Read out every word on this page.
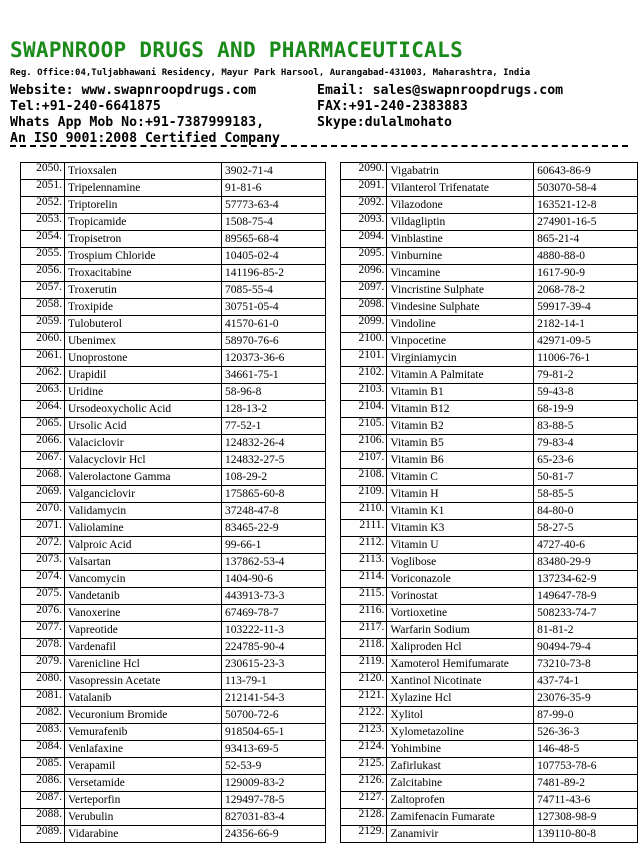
SWAPNROOP DRUGS AND PHARMACEUTICALS
Reg. Office:04,Tuljabhawani Residency, Mayur Park Harsool, Aurangabad-431003, Maharashtra, India
Website: www.swapnroopdrugs.com	Email: sales@swapnroopdrugs.com
Tel:+91-240-6641875	FAX:+91-240-2383883
Whats App Mob No:+91-7387999183,	Skype:dulalmohato
An ISO 9001:2008 Certified Company
2050.	Trioxsalen	3902-71-4
2051.	Tripelennamine	91-81-6
2052.	Triptorelin	57773-63-4
2053.	Tropicamide	1508-75-4
2054.	Tropisetron	89565-68-4
2055.	Trospium Chloride	10405-02-4
2056.	Troxacitabine	141196-85-2
2057.	Troxerutin	7085-55-4
2058.	Troxipide	30751-05-4
2059.	Tulobuterol	41570-61-0
2060.	Ubenimex	58970-76-6
2061.	Unoprostone	120373-36-6
2062.	Urapidil	34661-75-1
2063.	Uridine	58-96-8
2064.	Ursodeoxycholic Acid	128-13-2
2065.	Ursolic Acid	77-52-1
2066.	Valaciclovir	124832-26-4
2067.	Valacyclovir Hcl	124832-27-5
2068.	Valerolactone Gamma	108-29-2
2069.	Valganciclovir	175865-60-8
2070.	Validamycin	37248-47-8
2071.	Valiolamine	83465-22-9
2072.	Valproic Acid	99-66-1
2073.	Valsartan	137862-53-4
2074.	Vancomycin	1404-90-6
2075.	Vandetanib	443913-73-3
2076.	Vanoxerine	67469-78-7
2077.	Vapreotide	103222-11-3
2078.	Vardenafil	224785-90-4
2079.	Varenicline Hcl	230615-23-3
2080.	Vasopressin Acetate	113-79-1
2081.	Vatalanib	212141-54-3
2082.	Vecuronium Bromide	50700-72-6
2083.	Vemurafenib	918504-65-1
2084.	Venlafaxine	93413-69-5
2085.	Verapamil	52-53-9
2086.	Versetamide	129009-83-2
2087.	Verteporfin	129497-78-5
2088.	Verubulin	827031-83-4
2089.	Vidarabine	24356-66-9
2090.	Vigabatrin	60643-86-9
2091.	Vilanterol Trifenatate	503070-58-4
2092.	Vilazodone	163521-12-8
2093.	Vildagliptin	274901-16-5
2094.	Vinblastine	865-21-4
2095.	Vinburnine	4880-88-0
2096.	Vincamine	1617-90-9
2097.	Vincristine Sulphate	2068-78-2
2098.	Vindesine Sulphate	59917-39-4
2099.	Vindoline	2182-14-1
2100.	Vinpocetine	42971-09-5
2101.	Virginiamycin	11006-76-1
2102.	Vitamin A Palmitate	79-81-2
2103.	Vitamin B1	59-43-8
2104.	Vitamin B12	68-19-9
2105.	Vitamin B2	83-88-5
2106.	Vitamin B5	79-83-4
2107.	Vitamin B6	65-23-6
2108.	Vitamin C	50-81-7
2109.	Vitamin H	58-85-5
2110.	Vitamin K1	84-80-0
2111.	Vitamin K3	58-27-5
2112.	Vitamin U	4727-40-6
2113.	Voglibose	83480-29-9
2114.	Voriconazole	137234-62-9
2115.	Vorinostat	149647-78-9
2116.	Vortioxetine	508233-74-7
2117.	Warfarin Sodium	81-81-2
2118.	Xaliproden Hcl	90494-79-4
2119.	Xamoterol Hemifumarate	73210-73-8
2120.	Xantinol Nicotinate	437-74-1
2121.	Xylazine Hcl	23076-35-9
2122.	Xylitol	87-99-0
2123.	Xylometazoline	526-36-3
2124.	Yohimbine	146-48-5
2125.	Zafirlukast	107753-78-6
2126.	Zalcitabine	7481-89-2
2127.	Zaltoprofen	74711-43-6
2128.	Zamifenacin Fumarate	127308-98-9
2129.	Zanamivir	139110-80-8
